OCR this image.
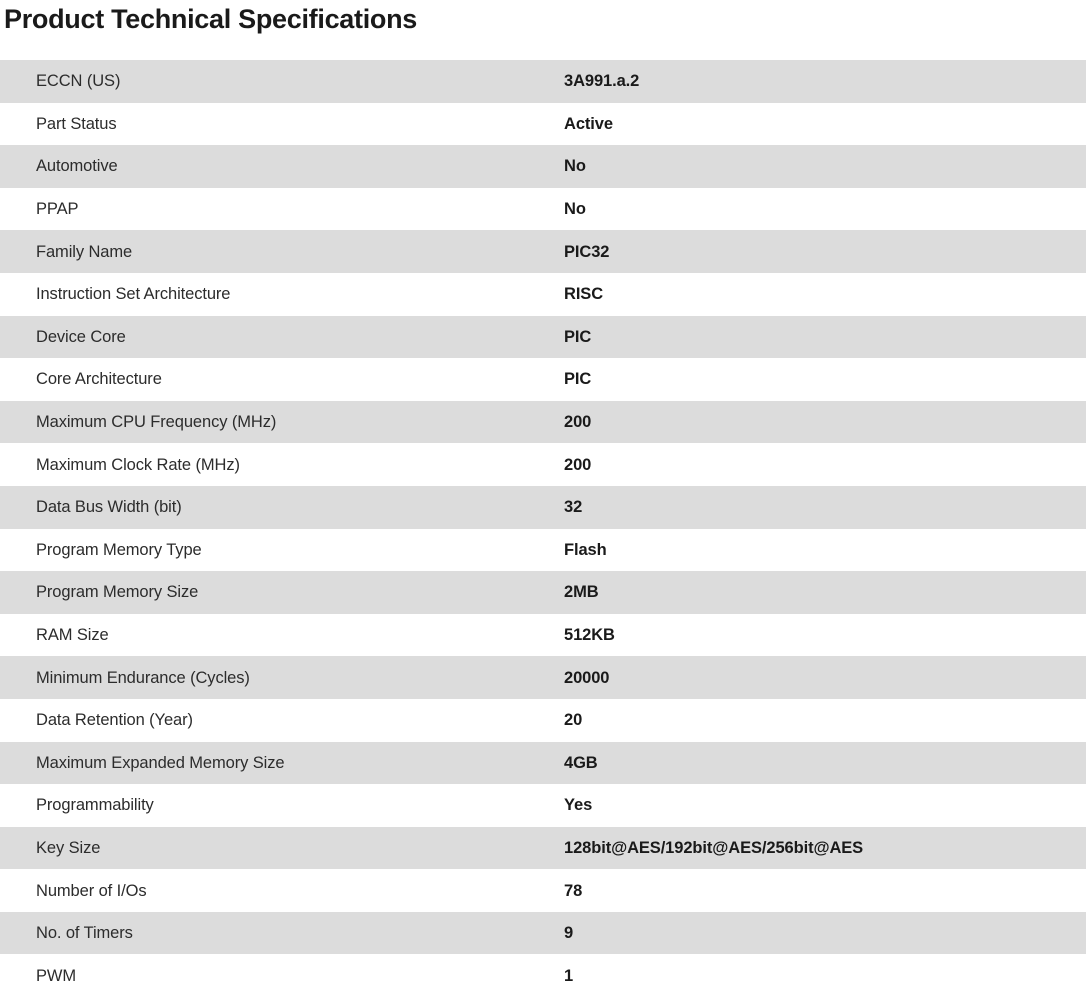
Product Technical Specifications
ECCN (US)	3A991.a.2
Part Status	Active
Automotive	No
PPAP	No
Family Name	PIC32
Instruction Set Architecture	RISC
Device Core	PIC
Core Architecture	PIC
Maximum CPU Frequency (MHz)	200
Maximum Clock Rate (MHz)	200
Data Bus Width (bit)	32
Program Memory Type	Flash
Program Memory Size	2MB
RAM Size	512KB
Minimum Endurance (Cycles)	20000
Data Retention (Year)	20
Maximum Expanded Memory Size	4GB
Programmability	Yes
Key Size	128bit@AES/192bit@AES/256bit@AES
Number of I/Os	78
No. of Timers	9
PWM	1
